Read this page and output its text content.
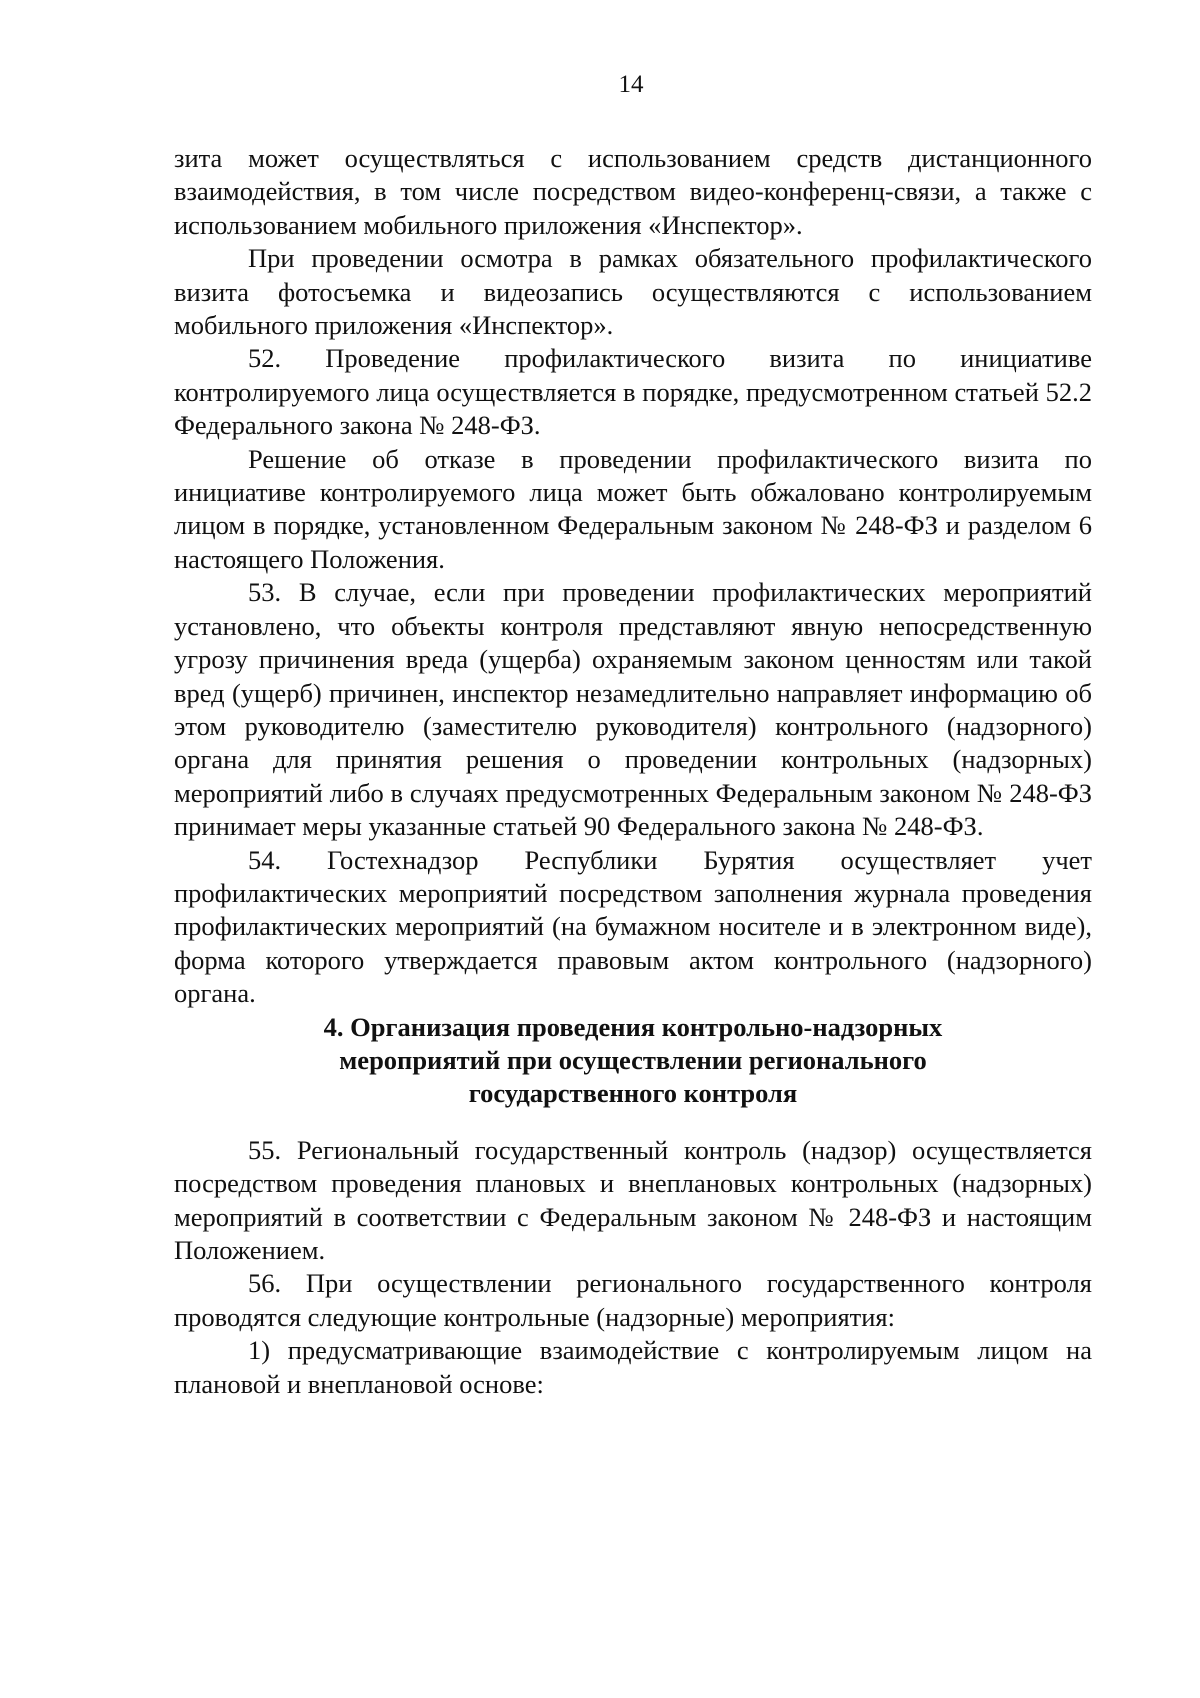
14

зита может осуществляться с использованием средств дистанционного взаимодействия, в том числе посредством видео-конференц-связи, а также с использованием мобильного приложения «Инспектор».

При проведении осмотра в рамках обязательного профилактического визита фотосъемка и видеозапись осуществляются с использованием мобильного приложения «Инспектор».

52. Проведение профилактического визита по инициативе контролируемого лица осуществляется в порядке, предусмотренном статьей 52.2 Федерального закона № 248-ФЗ.

Решение об отказе в проведении профилактического визита по инициативе контролируемого лица может быть обжаловано контролируемым лицом в порядке, установленном Федеральным законом № 248-ФЗ и разделом 6 настоящего Положения.

53. В случае, если при проведении профилактических мероприятий установлено, что объекты контроля представляют явную непосредственную угрозу причинения вреда (ущерба) охраняемым законом ценностям или такой вред (ущерб) причинен, инспектор незамедлительно направляет информацию об этом руководителю (заместителю руководителя) контрольного (надзорного) органа для принятия решения о проведении контрольных (надзорных) мероприятий либо в случаях предусмотренных Федеральным законом № 248-ФЗ принимает меры указанные статьей 90 Федерального закона № 248-ФЗ.

54. Гостехнадзор Республики Бурятия осуществляет учет профилактических мероприятий посредством заполнения журнала проведения профилактических мероприятий (на бумажном носителе и в электронном виде), форма которого утверждается правовым актом контрольного (надзорного) органа.

4. Организация проведения контрольно-надзорных
мероприятий при осуществлении регионального
государственного контроля

55. Региональный государственный контроль (надзор) осуществляется посредством проведения плановых и внеплановых контрольных (надзорных) мероприятий в соответствии с Федеральным законом № 248-ФЗ и настоящим Положением.

56. При осуществлении регионального государственного контроля проводятся следующие контрольные (надзорные) мероприятия:

1) предусматривающие взаимодействие с контролируемым лицом на плановой и внеплановой основе:
